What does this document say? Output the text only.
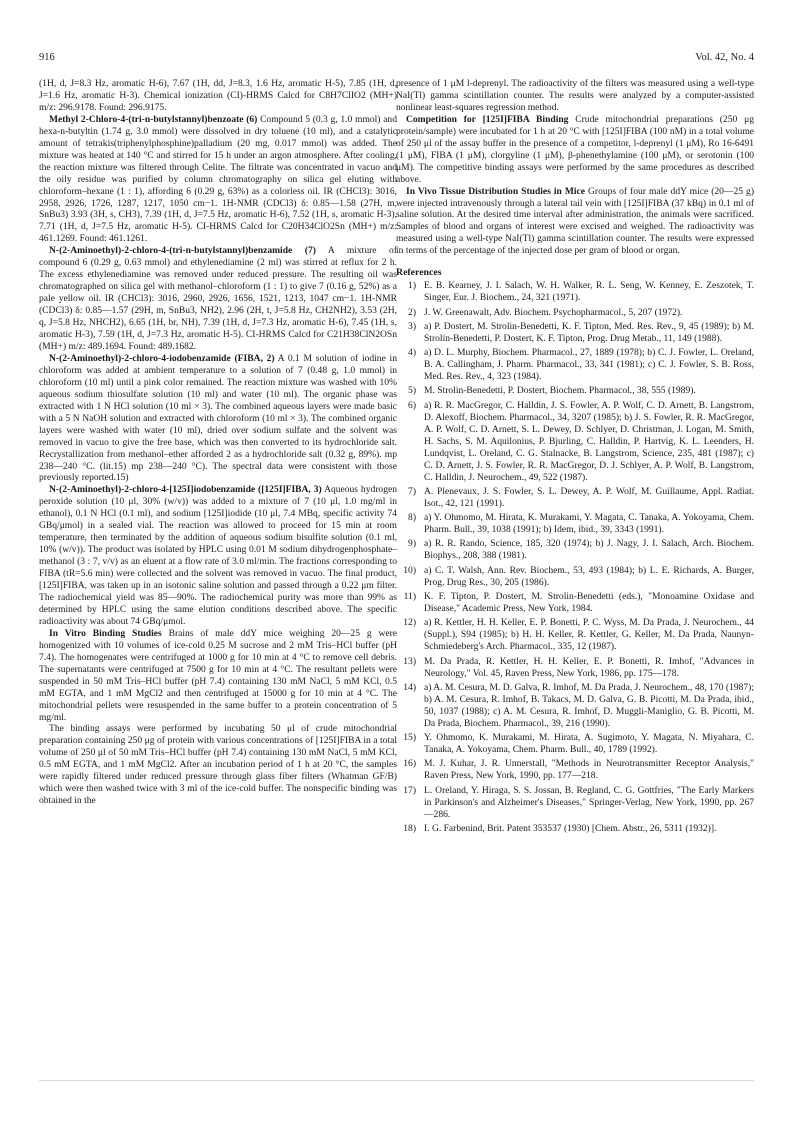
916	Vol. 42, No. 4

(1H, d, J=8.3 Hz, aromatic H-6), 7.67 (1H, dd, J=8.3, 1.6 Hz, aromatic H-5), 7.85 (1H, d, J=1.6 Hz, aromatic H-3). Chemical ionization (CI)-HRMS Calcd for C8H7ClIO2 (MH+) m/z: 296.9178. Found: 296.9175.

Methyl 2-Chloro-4-(tri-n-butylstannyl)benzoate (6) Compound 5 (0.3 g, 1.0 mmol) and hexa-n-butyltin (1.74 g, 3.0 mmol) were dissolved in dry toluene (10 ml), and a catalytic amount of tetrakis(triphenylphosphine)palladium (20 mg, 0.017 mmol) was added. The mixture was heated at 140 °C and stirred for 15 h under an argon atmosphere. After cooling, the reaction mixture was filtered through Celite. The filtrate was concentrated in vacuo and the oily residue was purified by column chromatography on silica gel eluting with chloroform–hexane (1 : 1), affording 6 (0.29 g, 63%) as a colorless oil. IR (CHCl3): 3016, 2958, 2926, 1726, 1287, 1217, 1050 cm−1. 1H-NMR (CDCl3) δ: 0.85—1.58 (27H, m, SnBu3) 3.93 (3H, s, CH3), 7.39 (1H, d, J=7.5 Hz, aromatic H-6), 7.52 (1H, s, aromatic H-3), 7.71 (1H, d, J=7.5 Hz, aromatic H-5). CI-HRMS Calcd for C20H34ClO2Sn (MH+) m/z: 461.1269. Found: 461.1261.

N-(2-Aminoethyl)-2-chloro-4-(tri-n-butylstannyl)benzamide (7) A mixture of compound 6 (0.29 g, 0.63 mmol) and ethylenediamine (2 ml) was stirred at reflux for 2 h. The excess ethylenediamine was removed under reduced pressure. The resulting oil was chromatographed on silica gel with methanol–chloroform (1 : 1) to give 7 (0.16 g, 52%) as a pale yellow oil. IR (CHCl3): 3016, 2960, 2926, 1656, 1521, 1213, 1047 cm−1. 1H-NMR (CDCl3) δ: 0.85—1.57 (29H, m, SnBu3, NH2), 2.96 (2H, t, J=5.8 Hz, CH2NH2), 3.53 (2H, q, J=5.8 Hz, NHCH2), 6.65 (1H, br, NH), 7.39 (1H, d, J=7.3 Hz, aromatic H-6), 7.45 (1H, s, aromatic H-3), 7.59 (1H, d, J=7.3 Hz, aromatic H-5). CI-HRMS Calcd for C21H38ClN2OSn (MH+) m/z: 489.1694. Found: 489.1682.

N-(2-Aminoethyl)-2-chloro-4-iodobenzamide (FIBA, 2) A 0.1 M solution of iodine in chloroform was added at ambient temperature to a solution of 7 (0.48 g, 1.0 mmol) in chloroform (10 ml) until a pink color remained. The reaction mixture was washed with 10% aqueous sodium thiosulfate solution (10 ml) and water (10 ml). The organic phase was extracted with 1 N HCl solution (10 ml × 3). The combined aqueous layers were made basic with a 5 N NaOH solution and extracted with chloroform (10 ml × 3). The combined organic layers were washed with water (10 ml), dried over sodium sulfate and the solvent was removed in vacuo to give the free base, which was then converted to its hydrochloride salt. Recrystallization from methanol–ether afforded 2 as a hydrochloride salt (0.32 g, 89%). mp 238—240 °C. (lit.15) mp 238—240 °C). The spectral data were consistent with those previously reported.15)

N-(2-Aminoethyl)-2-chloro-4-[125I]iodobenzamide ([125I]FIBA, 3) Aqueous hydrogen peroxide solution (10 μl, 30% (w/v)) was added to a mixture of 7 (10 μl, 1.0 mg/ml in ethanol), 0.1 N HCl (0.1 ml), and sodium [125I]iodide (10 μl, 7.4 MBq, specific activity 74 GBq/μmol) in a sealed vial. The reaction was allowed to proceed for 15 min at room temperature, then terminated by the addition of aqueous sodium bisulfite solution (0.1 ml, 10% (w/v)). The product was isolated by HPLC using 0.01 M sodium dihydrogenphosphate–methanol (3 : 7, v/v) as an eluent at a flow rate of 3.0 ml/min. The fractions corresponding to FIBA (tR=5.6 min) were collected and the solvent was removed in vacuo. The final product, [125I]FIBA, was taken up in an isotonic saline solution and passed through a 0.22 μm filter. The radiochemical yield was 85—90%. The radiochemical purity was more than 99% as determined by HPLC using the same elution conditions described above. The specific radioactivity was about 74 GBq/μmol.

In Vitro Binding Studies Brains of male ddY mice weighing 20—25 g were homogenized with 10 volumes of ice-cold 0.25 M sucrose and 2 mM Tris–HCl buffer (pH 7.4). The homogenates were centrifuged at 1000 g for 10 min at 4 °C to remove cell debris. The supernatants were centrifuged at 7500 g for 10 min at 4 °C. The resultant pellets were suspended in 50 mM Tris–HCl buffer (pH 7.4) containing 130 mM NaCl, 5 mM KCl, 0.5 mM EGTA, and 1 mM MgCl2 and then centrifuged at 15000 g for 10 min at 4 °C. The mitochondrial pellets were resuspended in the same buffer to a protein concentration of 5 mg/ml.

The binding assays were performed by incubating 50 μl of crude mitochondrial preparation containing 250 μg of protein with various concentrations of [125I]FIBA in a total volume of 250 μl of 50 mM Tris–HCl buffer (pH 7.4) containing 130 mM NaCl, 5 mM KCl, 0.5 mM EGTA, and 1 mM MgCl2. After an incubation period of 1 h at 20 °C, the samples were rapidly filtered under reduced pressure through glass fiber filters (Whatman GF/B) which were then washed twice with 3 ml of the ice-cold buffer. The nonspecific binding was obtained in the

presence of 1 μM l-deprenyl. The radioactivity of the filters was measured using a well-type NaI(Tl) gamma scintillation counter. The results were analyzed by a computer-assisted nonlinear least-squares regression method.

Competition for [125I]FIBA Binding Crude mitochondrial preparations (250 μg protein/sample) were incubated for 1 h at 20 °C with [125I]FIBA (100 nM) in a total volume of 250 μl of the assay buffer in the presence of a competitor, l-deprenyl (1 μM), Ro 16-6491 (1 μM), FIBA (1 μM), clorgyline (1 μM), β-phenethylamine (100 μM), or serotonin (100 μM). The competitive binding assays were performed by the same procedures as described above.

In Vivo Tissue Distribution Studies in Mice Groups of four male ddY mice (20—25 g) were injected intravenously through a lateral tail vein with [125I]FIBA (37 kBq) in 0.1 ml of saline solution. At the desired time interval after administration, the animals were sacrificed. Samples of blood and organs of interest were excised and weighed. The radioactivity was measured using a well-type NaI(Tl) gamma scintillation counter. The results were expressed in terms of the percentage of the injected dose per gram of blood or organ.

References
1) E. B. Kearney, J. I. Salach, W. H. Walker, R. L. Seng, W. Kenney, E. Zeszotek, T. Singer, Eur. J. Biochem., 24, 321 (1971).
2) J. W. Greenawalt, Adv. Biochem. Psychopharmacol., 5, 207 (1972).
3) a) P. Dostert, M. Strolin-Benedetti, K. F. Tipton, Med. Res. Rev., 9, 45 (1989); b) M. Strolin-Benedetti, P. Dostert, K. F. Tipton, Prog. Drug Metab., 11, 149 (1988).
4) a) D. L. Murphy, Biochem. Pharmacol., 27, 1889 (1978); b) C. J. Fowler, L. Oreland, B. A. Callingham, J. Pharm. Pharmacol., 33, 341 (1981); c) C. J. Fowler, S. B. Ross, Med. Res. Rev., 4, 323 (1984).
5) M. Strolin-Benedetti, P. Dostert, Biochem. Pharmacol., 38, 555 (1989).
6) a) R. R. MacGregor, C. Halldin, J. S. Fowler, A. P. Wolf, C. D. Arnett, B. Langstrom, D. Alexoff, Biochem. Pharmacol., 34, 3207 (1985); b) J. S. Fowler, R. R. MacGregor, A. P. Wolf, C. D. Arnett, S. L. Dewey, D. Schlyer, D. Christman, J. Logan, M. Smith, H. Sachs, S. M. Aquilonius, P. Bjurling, C. Halldin, P. Hartvig, K. L. Leenders, H. Lundqvist, L. Oreland, C. G. Stalnacke, B. Langstrom, Science, 235, 481 (1987); c) C. D. Arnett, J. S. Fowler, R. R. MacGregor, D. J. Schlyer, A. P. Wolf, B. Langstrom, C. Halldin, J. Neurochem., 49, 522 (1987).
7) A. Plenevaux, J. S. Fowler, S. L. Dewey, A. P. Wolf, M. Guillaume, Appl. Radiat. Isot., 42, 121 (1991).
8) a) Y. Ohmomo, M. Hirata, K. Murakami, Y. Magata, C. Tanaka, A. Yokoyama, Chem. Pharm. Bull., 39, 1038 (1991); b) Idem, ibid., 39, 3343 (1991).
9) a) R. R. Rando, Science, 185, 320 (1974); b) J. Nagy, J. I. Salach, Arch. Biochem. Biophys., 208, 388 (1981).
10) a) C. T. Walsh, Ann. Rev. Biochem., 53, 493 (1984); b) L. E. Richards, A. Burger, Prog. Drug Res., 30, 205 (1986).
11) K. F. Tipton, P. Dostert, M. Strolin-Benedetti (eds.), "Monoamine Oxidase and Disease," Academic Press, New York, 1984.
12) a) R. Kettler, H. H. Keller, E. P. Bonetti, P. C. Wyss, M. Da Prada, J. Neurochem., 44 (Suppl.), S94 (1985); b) H. H. Keller, R. Kettler, G. Keller, M. Da Prada, Naunyn-Schmiedeberg's Arch. Pharmacol., 335, 12 (1987).
13) M. Da Prada, R. Kettler, H. H. Keller, E. P. Bonetti, R. Imhof, "Advances in Neurology," Vol. 45, Raven Press, New York, 1986, pp. 175—178.
14) a) A. M. Cesura, M. D. Galva, R. Imhof, M. Da Prada, J. Neurochem., 48, 170 (1987); b) A. M. Cesura, R. Imhof, B. Takacs, M. D. Galva, G. B. Picotti, M. Da Prada, ibid., 50, 1037 (1988); c) A. M. Cesura, R. Imhof, D. Muggli-Maniglio, G. B. Picotti, M. Da Prada, Biochem. Pharmacol., 39, 216 (1990).
15) Y. Ohmomo, K. Murakami, M. Hirata, A. Sugimoto, Y. Magata, N. Miyahara, C. Tanaka, A. Yokoyama, Chem. Pharm. Bull., 40, 1789 (1992).
16) M. J. Kuhar, J. R. Unnerstall, "Methods in Neurotransmitter Receptor Analysis," Raven Press, New York, 1990, pp. 177—218.
17) L. Oreland, Y. Hiraga, S. S. Jossan, B. Regland, C. G. Gottfries, "The Early Markers in Parkinson's and Alzheimer's Diseases," Springer-Verlag, New York, 1990, pp. 267—286.
18) I. G. Farbenind, Brit. Patent 353537 (1930) [Chem. Abstr., 26, 5311 (1932)].
